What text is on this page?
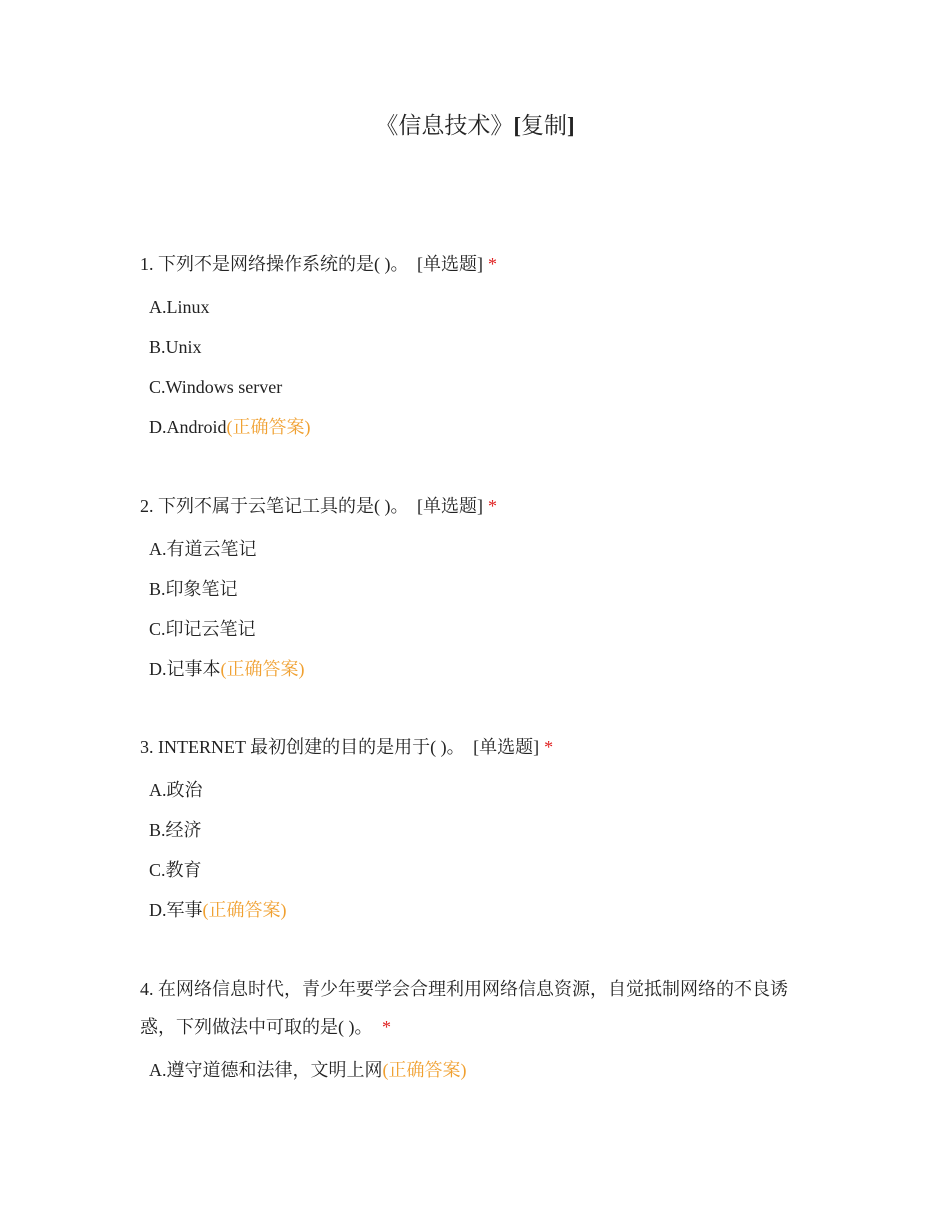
《信息技术》[复制]
1. 下列不是网络操作系统的是( )。 [单选题] *
A.Linux
B.Unix
C.Windows server
D.Android(正确答案)
2. 下列不属于云笔记工具的是( )。 [单选题] *
A.有道云笔记
B.印象笔记
C.印记云笔记
D.记事本(正确答案)
3. INTERNET 最初创建的目的是用于( )。 [单选题] *
A.政治
B.经济
C.教育
D.军事(正确答案)
4. 在网络信息时代，青少年要学会合理利用网络信息资源，自觉抵制网络的不良诱惑，下列做法中可取的是( )。 *
A.遵守道德和法律，文明上网(正确答案)
